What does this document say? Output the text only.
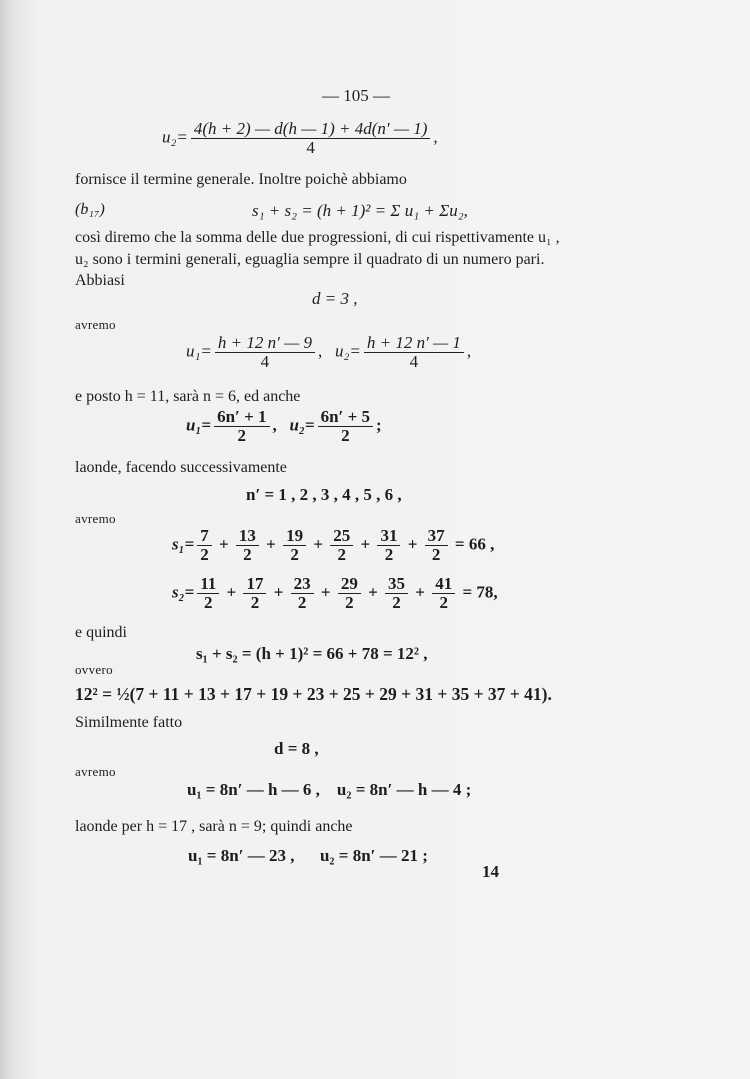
— 105 —
$u_2= \frac{4(h + 2) — d(h — 1) + 4d(n' — 1)}{4}$ ,
fornisce il termine generale. Inoltre poichè abbiamo
(b₁₇)	s₁ + s₂ = (h + 1)² = Σ u₁ + Σu₂,
così diremo che la somma delle due progressioni, di cui rispettivamente u₁ ,
u₂ sono i termini generali, eguaglia sempre il quadrato di un numero pari.
Abbiasi
d = 3 ,
avremo
$u_1= \frac{h + 12 n' — 9}{4}$ , $u_2= \frac{h + 12 n' — 1}{4}$ ,
e posto h = 11, sarà n = 6, ed anche
$u_1= \frac{6n' + 1}{2}$ , $u_2= \frac{6n' + 5}{2}$ ;
laonde, facendo successivamente
n′ = 1 , 2 , 3 , 4 , 5 , 6 ,
avremo
$s_1= \frac{7}{2} + \frac{13}{2} + \frac{19}{2} + \frac{25}{2} + \frac{31}{2} + \frac{37}{2} = 66$ ,
$s_2= \frac{11}{2} + \frac{17}{2} + \frac{23}{2} + \frac{29}{2} + \frac{35}{2} + \frac{41}{2} = 78$,
e quindi
s₁ + s₂ = (h + 1)² = 66 + 78 = 12² ,
ovvero
12² = ½(7 + 11 + 13 + 17 + 19 + 23 + 25 + 29 + 31 + 35 + 37 + 41).
Similmente fatto
d = 8 ,
avremo
u₁ = 8n′ — h — 6 ,    u₂ = 8n′ — h — 4 ;
laonde per h = 17 , sarà n = 9; quindi anche
u₁ = 8n′ — 23 ,      u₂ = 8n′ — 21 ;
14
